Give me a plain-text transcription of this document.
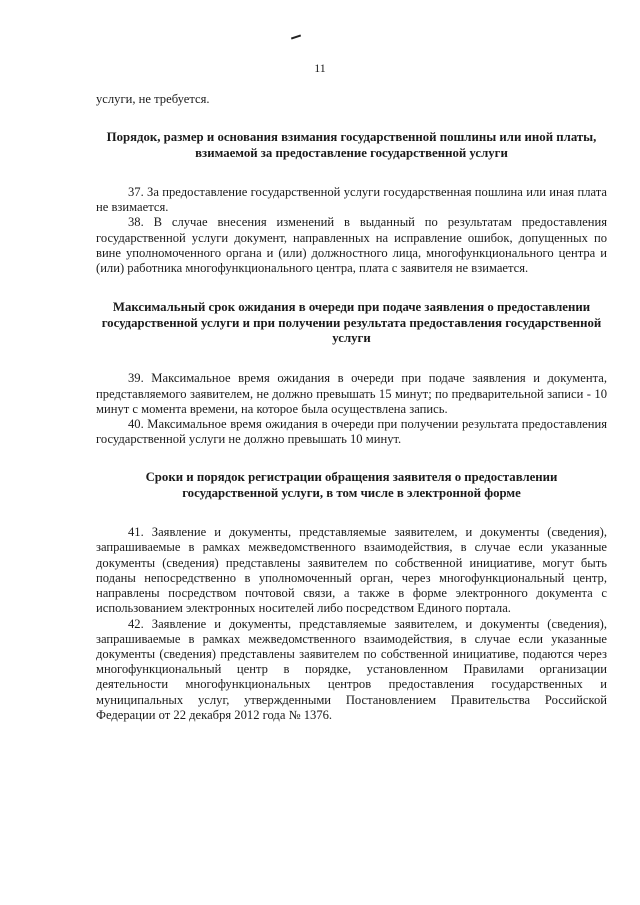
11

услуги, не требуется.

Порядок, размер и основания взимания государственной пошлины или иной платы, взимаемой за предоставление государственной услуги

37. За предоставление государственной услуги государственная пошлина или иная плата не взимается.

38. В случае внесения изменений в выданный по результатам предоставления государственной услуги документ, направленных на исправление ошибок, допущенных по вине уполномоченного органа и (или) должностного лица, многофункционального центра и (или) работника многофункционального центра, плата с заявителя не взимается.

Максимальный срок ожидания в очереди при подаче заявления о предоставлении государственной услуги и при получении результата предоставления государственной услуги

39. Максимальное время ожидания в очереди при подаче заявления и документа, представляемого заявителем, не должно превышать 15 минут; по предварительной записи - 10 минут с момента времени, на которое была осуществлена запись.

40. Максимальное время ожидания в очереди при получении результата предоставления государственной услуги не должно превышать 10 минут.

Сроки и порядок регистрации обращения заявителя о предоставлении государственной услуги, в том числе в электронной форме

41. Заявление и документы, представляемые заявителем, и документы (сведения), запрашиваемые в рамках межведомственного взаимодействия, в случае если указанные документы (сведения) представлены заявителем по собственной инициативе, могут быть поданы непосредственно в уполномоченный орган, через многофункциональный центр, направлены посредством почтовой связи, а также в форме электронного документа с использованием электронных носителей либо посредством Единого портала.

42. Заявление и документы, представляемые заявителем, и документы (сведения), запрашиваемые в рамках межведомственного взаимодействия, в случае если указанные документы (сведения) представлены заявителем по собственной инициативе, подаются через многофункциональный центр в порядке, установленном Правилами организации деятельности многофункциональных центров предоставления государственных и муниципальных услуг, утвержденными Постановлением Правительства Российской Федерации от 22 декабря 2012 года № 1376.
